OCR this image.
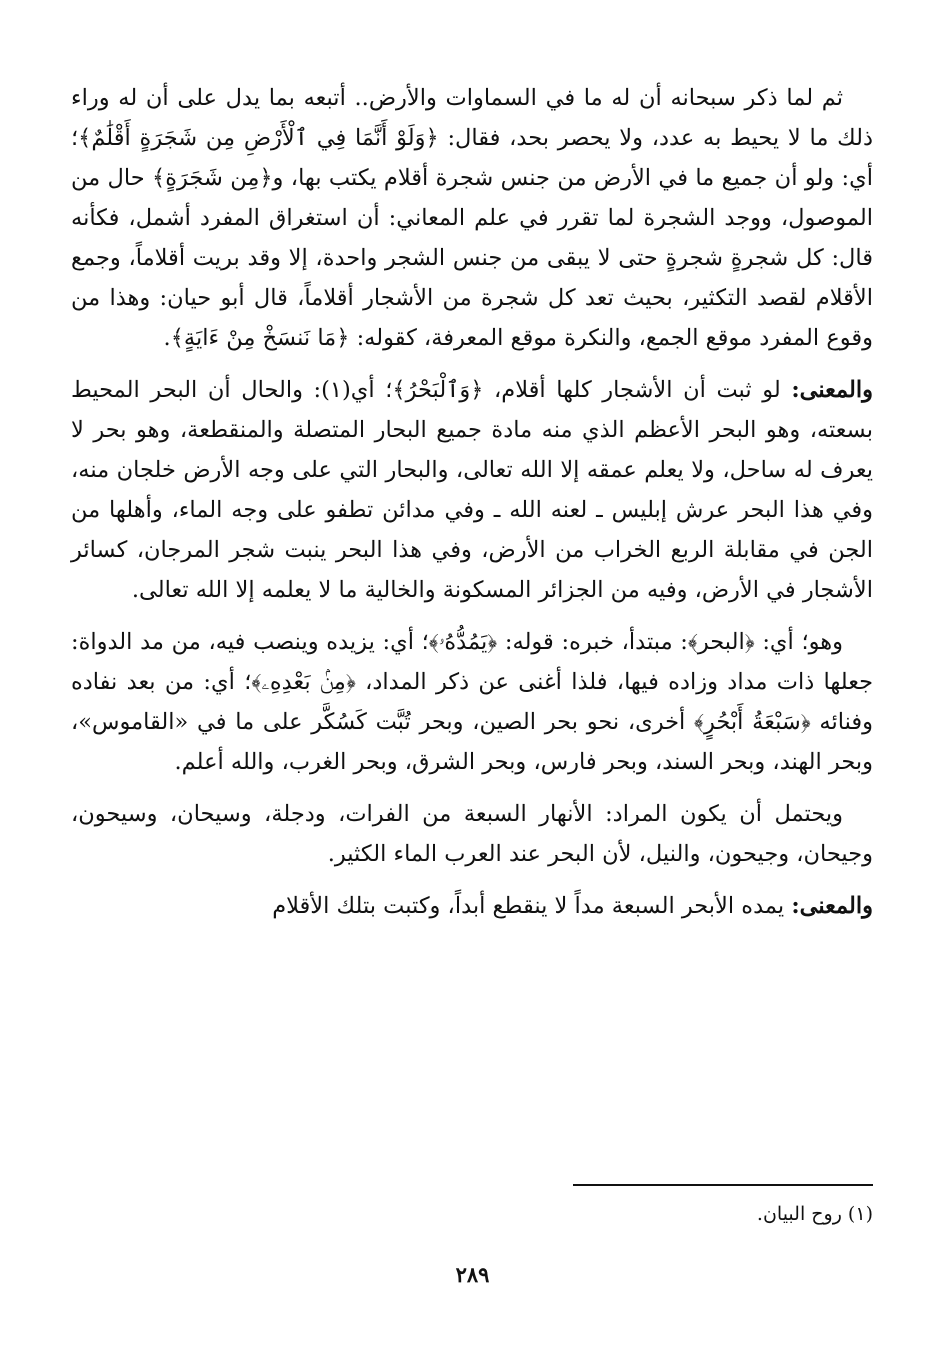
ثم لما ذكر سبحانه أن له ما في السماوات والأرض.. أتبعه بما يدل على أن له وراء ذلك ما لا يحيط به عدد، ولا يحصر بحد، فقال: ﴿وَلَوْ أَنَّمَا فِي ٱلْأَرْضِ مِن شَجَرَةٍ أَقْلَٰمٌ﴾؛ أي: ولو أن جميع ما في الأرض من جنس شجرة أقلام يكتب بها، و﴿مِن شَجَرَةٍ﴾ حال من الموصول، ووجد الشجرة لما تقرر في علم المعاني: أن استغراق المفرد أشمل، فكأنه قال: كل شجرةٍ شجرةٍ حتى لا يبقى من جنس الشجر واحدة، إلا وقد بريت أقلاماً، وجمع الأقلام لقصد التكثير، بحيث تعد كل شجرة من الأشجار أقلاماً، قال أبو حيان: وهذا من وقوع المفرد موقع الجمع، والنكرة موقع المعرفة، كقوله: ﴿مَا نَنسَخْ مِنْ ءَايَةٍ﴾.

والمعنى: لو ثبت أن الأشجار كلها أقلام، ﴿وَٱلْبَحْرُ﴾؛ أي(١): والحال أن البحر المحيط بسعته، وهو البحر الأعظم الذي منه مادة جميع البحار المتصلة والمنقطعة، وهو بحر لا يعرف له ساحل، ولا يعلم عمقه إلا الله تعالى، والبحار التي على وجه الأرض خلجان منه، وفي هذا البحر عرش إبليس ـ لعنه الله ـ وفي مدائن تطفو على وجه الماء، وأهلها من الجن في مقابلة الربع الخراب من الأرض، وفي هذا البحر ينبت شجر المرجان، كسائر الأشجار في الأرض، وفيه من الجزائر المسكونة والخالية ما لا يعلمه إلا الله تعالى.

وهو؛ أي: ﴿البحر﴾: مبتدأ، خبره: قوله: ﴿يَمُدُّهُۥ﴾؛ أي: يزيده وينصب فيه، من مد الدواة: جعلها ذات مداد وزاده فيها، فلذا أغنى عن ذكر المداد، ﴿مِنۢ بَعْدِهِۦ﴾؛ أي: من بعد نفاده وفنائه ﴿سَبْعَةُ أَبْحُرٍ﴾ أخرى، نحو بحر الصين، وبحر تُبَّت كَسُكَّر على ما في «القاموس»، وبحر الهند، وبحر السند، وبحر فارس، وبحر الشرق، وبحر الغرب، والله أعلم.

ويحتمل أن يكون المراد: الأنهار السبعة من الفرات، ودجلة، وسيحان، وسيحون، وجيحان، وجيحون، والنيل، لأن البحر عند العرب الماء الكثير.

والمعنى: يمده الأبحر السبعة مداً لا ينقطع أبداً، وكتبت بتلك الأقلام

(١) روح البيان.
٢٨٩
